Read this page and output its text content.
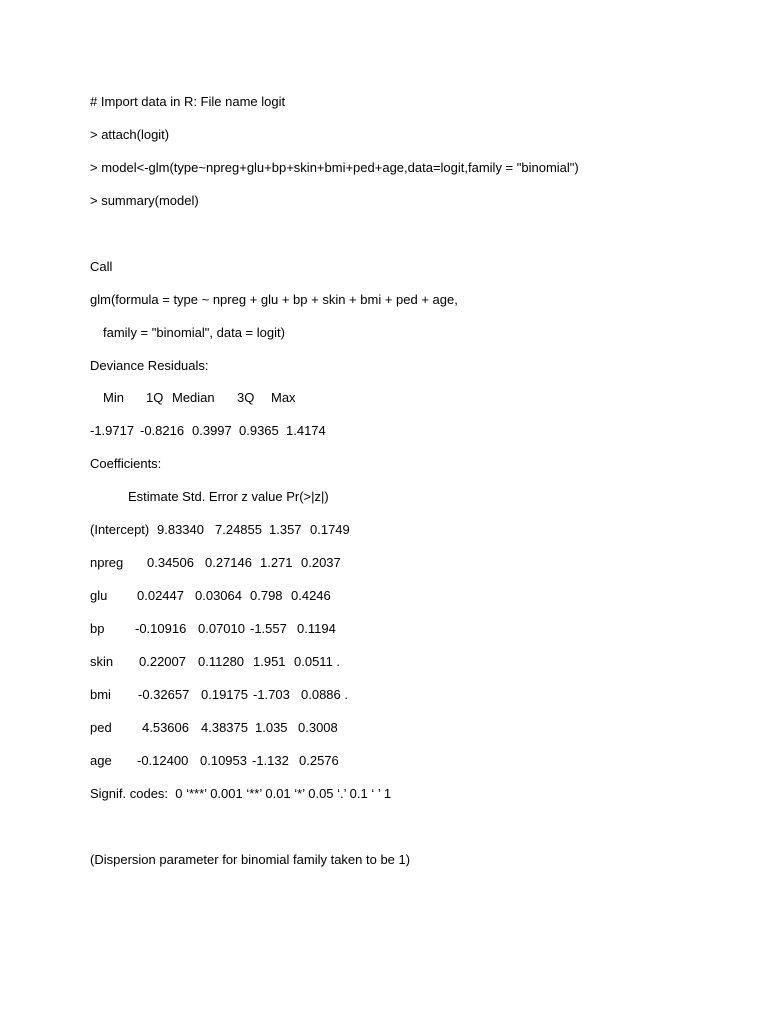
# Import data in R: File name logit
> attach(logit)
> model<-glm(type~npreg+glu+bp+skin+bmi+ped+age,data=logit,family = "binomial")
> summary(model)
Call
glm(formula = type ~ npreg + glu + bp + skin + bmi + ped + age,
family = "binomial", data = logit)
Deviance Residuals:

Min

1Q

Median

3Q

Max

-1.9717

-0.8216

0.3997

0.9365

1.4174

Coefficients:
Estimate Std. Error z value Pr(>|z|)

(Intercept)

9.83340

7.24855

1.357

0.1749

npreg

0.34506

0.27146

1.271

0.2037

glu

0.02447

0.03064

0.798

0.4246

bp

-0.10916

0.07010

-1.557

0.1194

skin

0.22007

0.11280

1.951

0.0511 .

bmi

-0.32657

0.19175

-1.703

0.0886 .

ped

4.53606

4.38375

1.035

0.3008

age

-0.12400

0.10953

-1.132

0.2576

Signif. codes:  0 ‘***’ 0.001 ‘**’ 0.01 ‘*’ 0.05 ‘.’ 0.1 ‘ ’ 1
(Dispersion parameter for binomial family taken to be 1)
